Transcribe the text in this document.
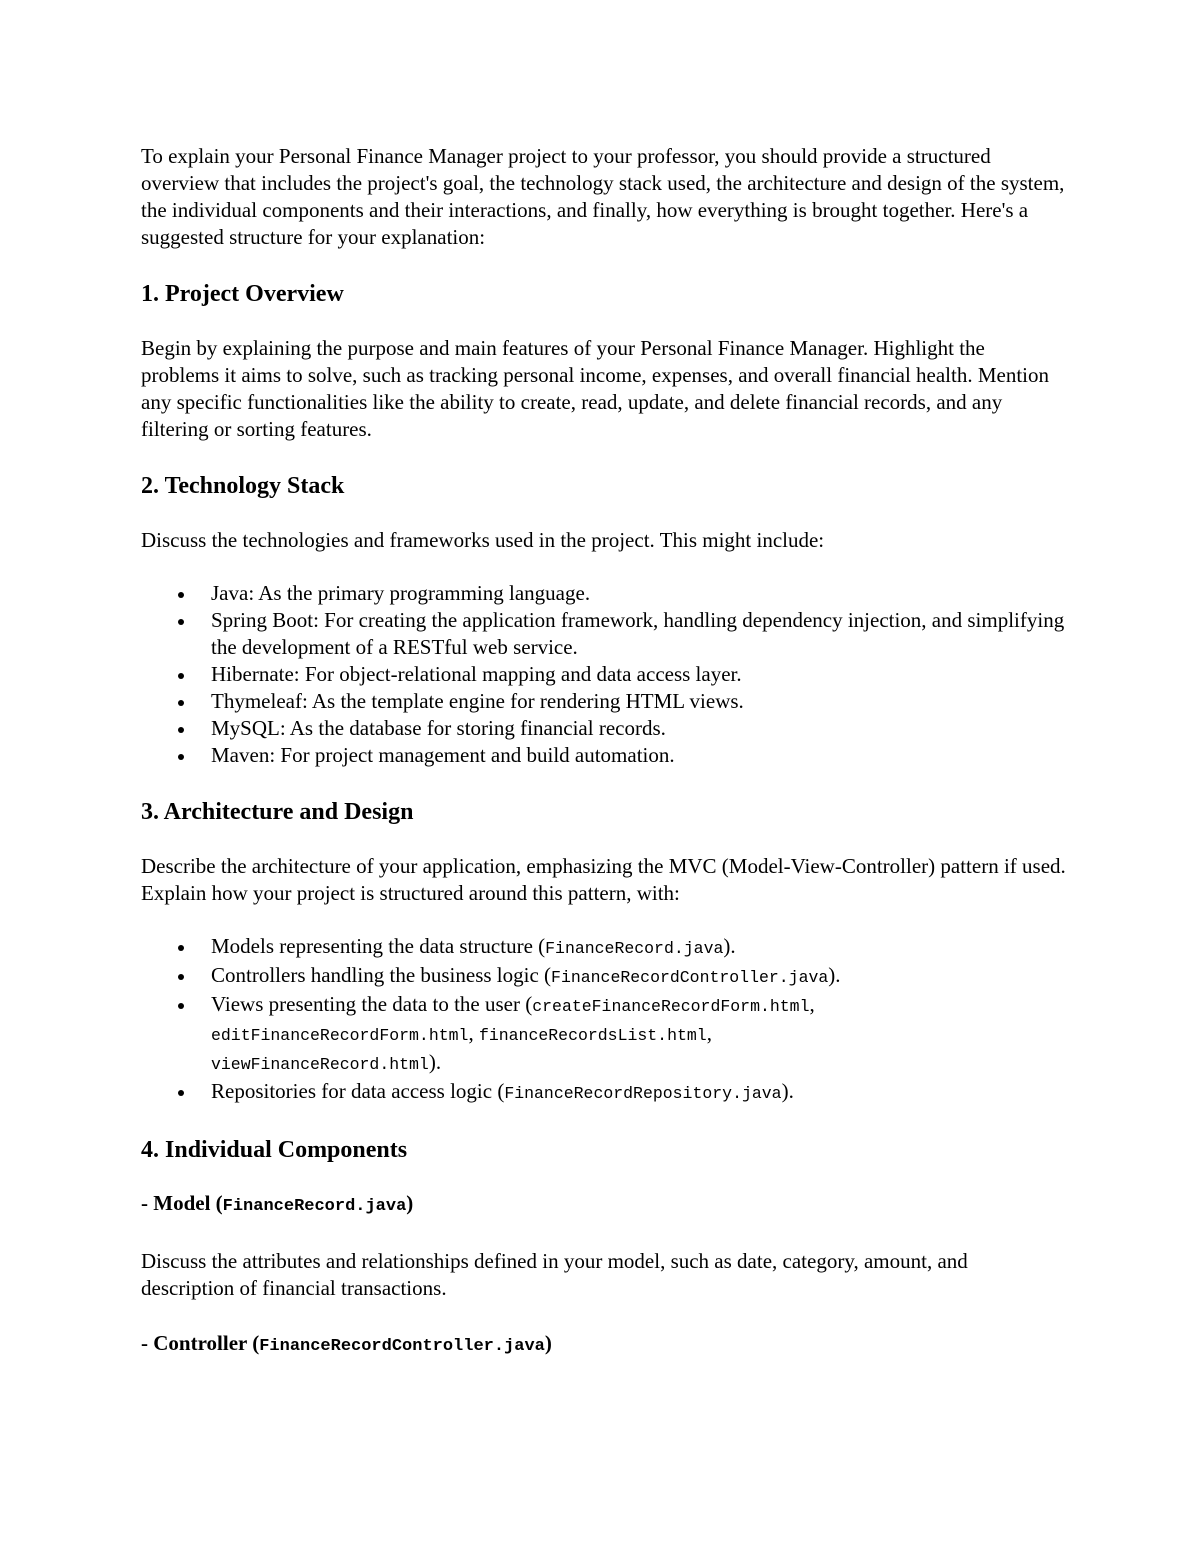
To explain your Personal Finance Manager project to your professor, you should provide a structured overview that includes the project's goal, the technology stack used, the architecture and design of the system, the individual components and their interactions, and finally, how everything is brought together. Here's a suggested structure for your explanation:

1. Project Overview

Begin by explaining the purpose and main features of your Personal Finance Manager. Highlight the problems it aims to solve, such as tracking personal income, expenses, and overall financial health. Mention any specific functionalities like the ability to create, read, update, and delete financial records, and any filtering or sorting features.

2. Technology Stack

Discuss the technologies and frameworks used in the project. This might include:

Java: As the primary programming language.
Spring Boot: For creating the application framework, handling dependency injection, and simplifying the development of a RESTful web service.
Hibernate: For object-relational mapping and data access layer.
Thymeleaf: As the template engine for rendering HTML views.
MySQL: As the database for storing financial records.
Maven: For project management and build automation.
3. Architecture and Design

Describe the architecture of your application, emphasizing the MVC (Model-View-Controller) pattern if used. Explain how your project is structured around this pattern, with:

Models representing the data structure (FinanceRecord.java).
Controllers handling the business logic (FinanceRecordController.java).
Views presenting the data to the user (createFinanceRecordForm.html,
editFinanceRecordForm.html, financeRecordsList.html,
viewFinanceRecord.html).
Repositories for data access logic (FinanceRecordRepository.java).
4. Individual Components
- Model (FinanceRecord.java)

Discuss the attributes and relationships defined in your model, such as date, category, amount, and description of financial transactions.

- Controller (FinanceRecordController.java)
